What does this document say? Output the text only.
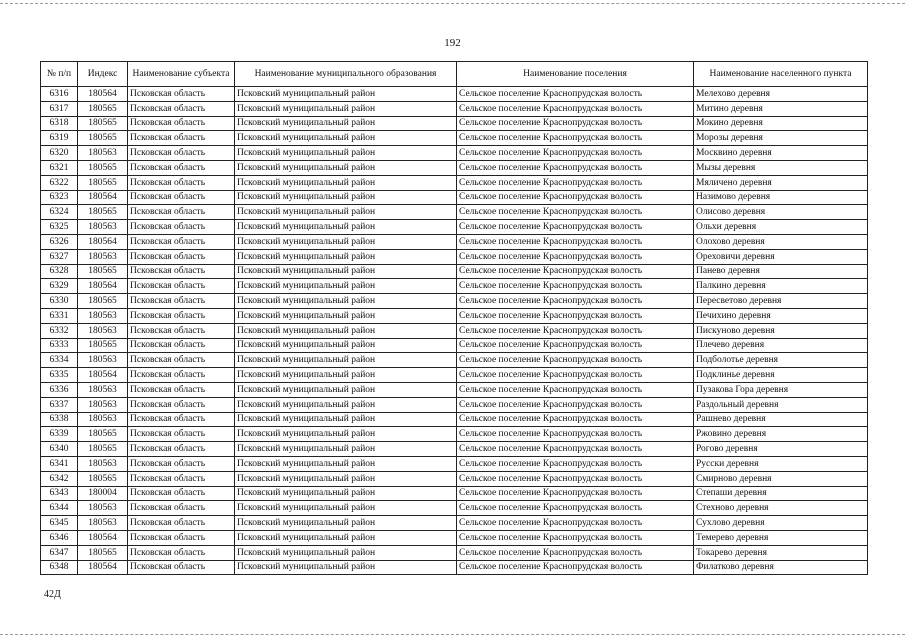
192
№ п/п	Индекс	Наименование субъекта	Наименование муниципального образования	Наименование поселения	Наименование населенного пункта
6316	180564	Псковская область	Псковский муниципальный район	Сельское поселение Краснопрудская волость	Мелехово деревня
6317	180565	Псковская область	Псковский муниципальный район	Сельское поселение Краснопрудская волость	Митино деревня
6318	180565	Псковская область	Псковский муниципальный район	Сельское поселение Краснопрудская волость	Мокино деревня
6319	180565	Псковская область	Псковский муниципальный район	Сельское поселение Краснопрудская волость	Морозы деревня
6320	180563	Псковская область	Псковский муниципальный район	Сельское поселение Краснопрудская волость	Москвино деревня
6321	180565	Псковская область	Псковский муниципальный район	Сельское поселение Краснопрудская волость	Мызы деревня
6322	180565	Псковская область	Псковский муниципальный район	Сельское поселение Краснопрудская волость	Мяличено деревня
6323	180564	Псковская область	Псковский муниципальный район	Сельское поселение Краснопрудская волость	Назимово деревня
6324	180565	Псковская область	Псковский муниципальный район	Сельское поселение Краснопрудская волость	Олисово деревня
6325	180563	Псковская область	Псковский муниципальный район	Сельское поселение Краснопрудская волость	Ольхи деревня
6326	180564	Псковская область	Псковский муниципальный район	Сельское поселение Краснопрудская волость	Олохово деревня
6327	180563	Псковская область	Псковский муниципальный район	Сельское поселение Краснопрудская волость	Ореховичи деревня
6328	180565	Псковская область	Псковский муниципальный район	Сельское поселение Краснопрудская волость	Панево деревня
6329	180564	Псковская область	Псковский муниципальный район	Сельское поселение Краснопрудская волость	Палкино деревня
6330	180565	Псковская область	Псковский муниципальный район	Сельское поселение Краснопрудская волость	Пересветово деревня
6331	180563	Псковская область	Псковский муниципальный район	Сельское поселение Краснопрудская волость	Печихино деревня
6332	180563	Псковская область	Псковский муниципальный район	Сельское поселение Краснопрудская волость	Пискуново деревня
6333	180565	Псковская область	Псковский муниципальный район	Сельское поселение Краснопрудская волость	Плечево деревня
6334	180563	Псковская область	Псковский муниципальный район	Сельское поселение Краснопрудская волость	Подболотье деревня
6335	180564	Псковская область	Псковский муниципальный район	Сельское поселение Краснопрудская волость	Подклинье деревня
6336	180563	Псковская область	Псковский муниципальный район	Сельское поселение Краснопрудская волость	Пузакова Гора деревня
6337	180563	Псковская область	Псковский муниципальный район	Сельское поселение Краснопрудская волость	Раздольный деревня
6338	180563	Псковская область	Псковский муниципальный район	Сельское поселение Краснопрудская волость	Рашнево деревня
6339	180565	Псковская область	Псковский муниципальный район	Сельское поселение Краснопрудская волость	Ржовино деревня
6340	180565	Псковская область	Псковский муниципальный район	Сельское поселение Краснопрудская волость	Рогово деревня
6341	180563	Псковская область	Псковский муниципальный район	Сельское поселение Краснопрудская волость	Русски деревня
6342	180565	Псковская область	Псковский муниципальный район	Сельское поселение Краснопрудская волость	Смирново деревня
6343	180004	Псковская область	Псковский муниципальный район	Сельское поселение Краснопрудская волость	Степаши деревня
6344	180563	Псковская область	Псковский муниципальный район	Сельское поселение Краснопрудская волость	Стехново деревня
6345	180563	Псковская область	Псковский муниципальный район	Сельское поселение Краснопрудская волость	Сухлово деревня
6346	180564	Псковская область	Псковский муниципальный район	Сельское поселение Краснопрудская волость	Темерево деревня
6347	180565	Псковская область	Псковский муниципальный район	Сельское поселение Краснопрудская волость	Токарево деревня
6348	180564	Псковская область	Псковский муниципальный район	Сельское поселение Краснопрудская волость	Филатково деревня
42Д
